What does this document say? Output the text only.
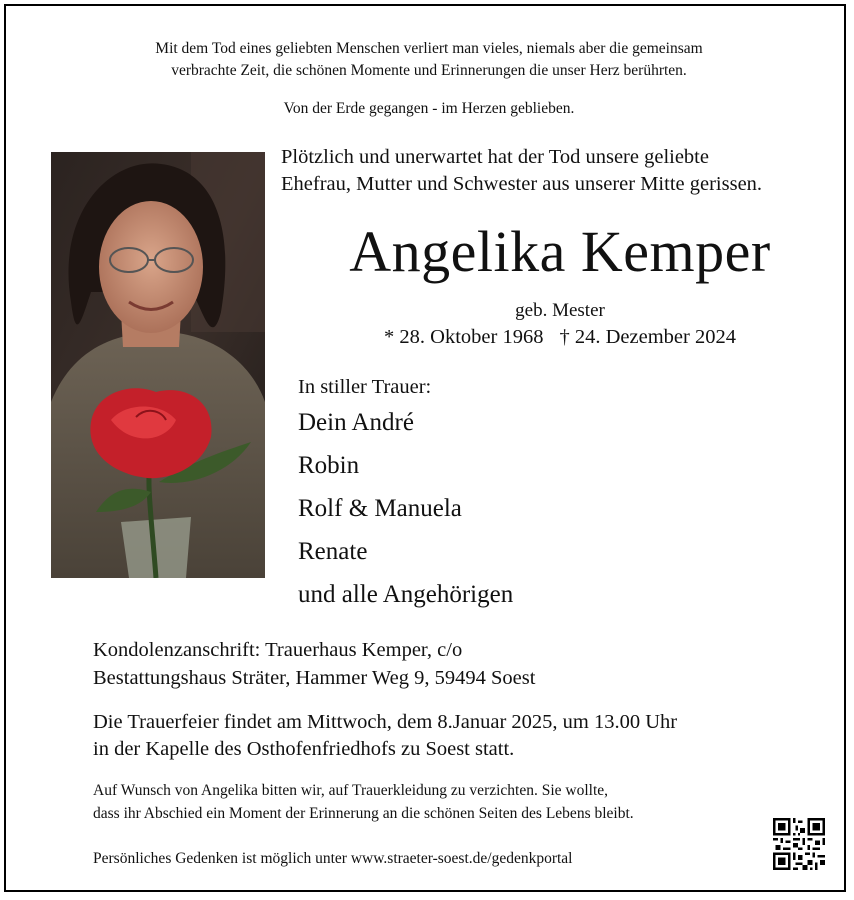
Mit dem Tod eines geliebten Menschen verliert man vieles, niemals aber die gemeinsam
verbrachte Zeit, die schönen Momente und Erinnerungen die unser Herz berührten.
Von der Erde gegangen - im Herzen geblieben.
Plötzlich und unerwartet hat der Tod unsere geliebte
Ehefrau, Mutter und Schwester aus unserer Mitte gerissen.
Angelika Kemper
geb. Mester
* 28. Oktober 1968 † 24. Dezember 2024
In stiller Trauer:
Dein André
Robin
Rolf & Manuela
Renate
und alle Angehörigen
Kondolenzanschrift: Trauerhaus Kemper, c/o
Bestattungshaus Sträter, Hammer Weg 9, 59494 Soest
Die Trauerfeier findet am Mittwoch, dem 8.Januar 2025, um 13.00 Uhr
in der Kapelle des Osthofenfriedhofs zu Soest statt.
Auf Wunsch von Angelika bitten wir, auf Trauerkleidung zu verzichten. Sie wollte,
dass ihr Abschied ein Moment der Erinnerung an die schönen Seiten des Lebens bleibt.
Persönliches Gedenken ist möglich unter www.straeter-soest.de/gedenkportal
